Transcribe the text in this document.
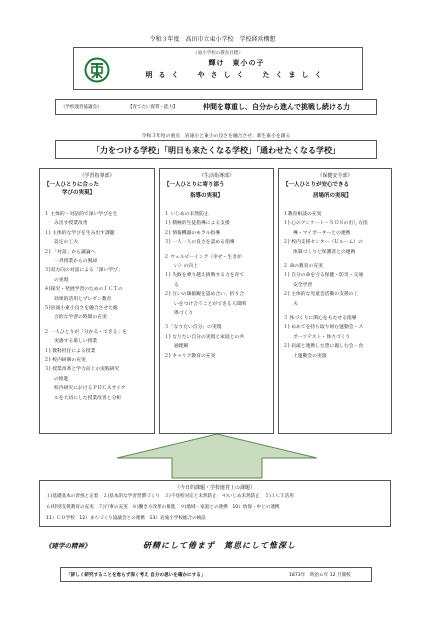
令和３年度　高田市立東小学校　学校経営構想
《東小学校の教育目標》
輝け　東小の子
明るく　やさしく　たくましく
《学校運営協議会》	【育てたい資質・能力】	仲間を尊重し、自分から進んで挑戦し続ける力
令和３年度の重点　岩滝小と東小の良さを融合させ、新生東小を創る
「力をつける学校」「明日も来たくなる学校」「通わせたくなる学校」
《学習指導部》
【一人ひとりに合った
学びの実現】
１ 主体的・対話的で深い学びを生
み出す授業改善
１) 主体的な学びを生み出す課題
設定の工夫
２) 「対話」から議論へ
一斉授業からの脱却
３)双方向の対話による「深い学び」
の実現
４)探究・発展学習のためのＩＣＴの
効果的活用とプレゼン教育
５)岩滝小東小良さを融合させた総
合的な学習の時間の充実
２ 一人ひとりが「分かる・できる」を
実感する楽しい授業
１) 教科担任による授業
２) 校内研修の充実
３) 授業改革と学力向上の実践研究
の推進
校内研究におけるＰＤＣＡサイク
ルを大切にした授業改善と分析
《生活指導部》
【一人ひとりに寄り添う
指導の実現】
１ いじめの未然防止
１) 積極的生徒指導による支援
２) 情報機器のモラル指導
３) 一人一人の良さを認める指導
２ ウェルビーイング（幸せ・生きが
い）の向上
１) 失敗を乗り越え挑戦する力を育て
る
２) 互いの価値観を認め合い、折り合
いをつけ合うことができる人間関
係づくり
３「なりたい自分」の実現
１) なりたい自分の実現と家庭との共
通理解
２) キャリア教育の充実
《保健安全部》
【一人ひとりが安心できる
居場所の実現】
１教育相談の充実
１) 心のアンケート・ＳＯＳの出し方指
導・マイポーターとの連携
２) 校内支援センター（Ｕルーム）の
体制づくりと保護者との連携
２ 命の教育の充実
１) 自分の命を守る保健・防災・交通
安全学習
２) 主体的な児童会活動の支援の工
夫
３ 体づくりに関心をもたせる指導
１) めあてを持ち取り組む運動会・ス
ポーツテスト・体力づくり
２) 岩滝と連携した豊に親しむ会・食
上運動会の実施
《今日的課題・学校運営上の課題》
１)基礎基本の習熟と定着　２)基本的な学習習慣づくり　３)不登校対応と未然防止　４)いじめ未然防止　５)ＩＣＴ活用
６)特別支援教育の充実　７)行事の充実　８)働き方改革の推進　９)地域・家庭との連携　10）幼保・中との連携
11）ＵＤ学校　12）まちづくり協議会との連携　13）岩滝小学校総合の検証
《建学の精神》	研精にして倦まず　篤思にして惟深し
「詳しく研究することを怠らず深く考え 自分の思いを確かにする」	1873年　明治６年 12 月開校
